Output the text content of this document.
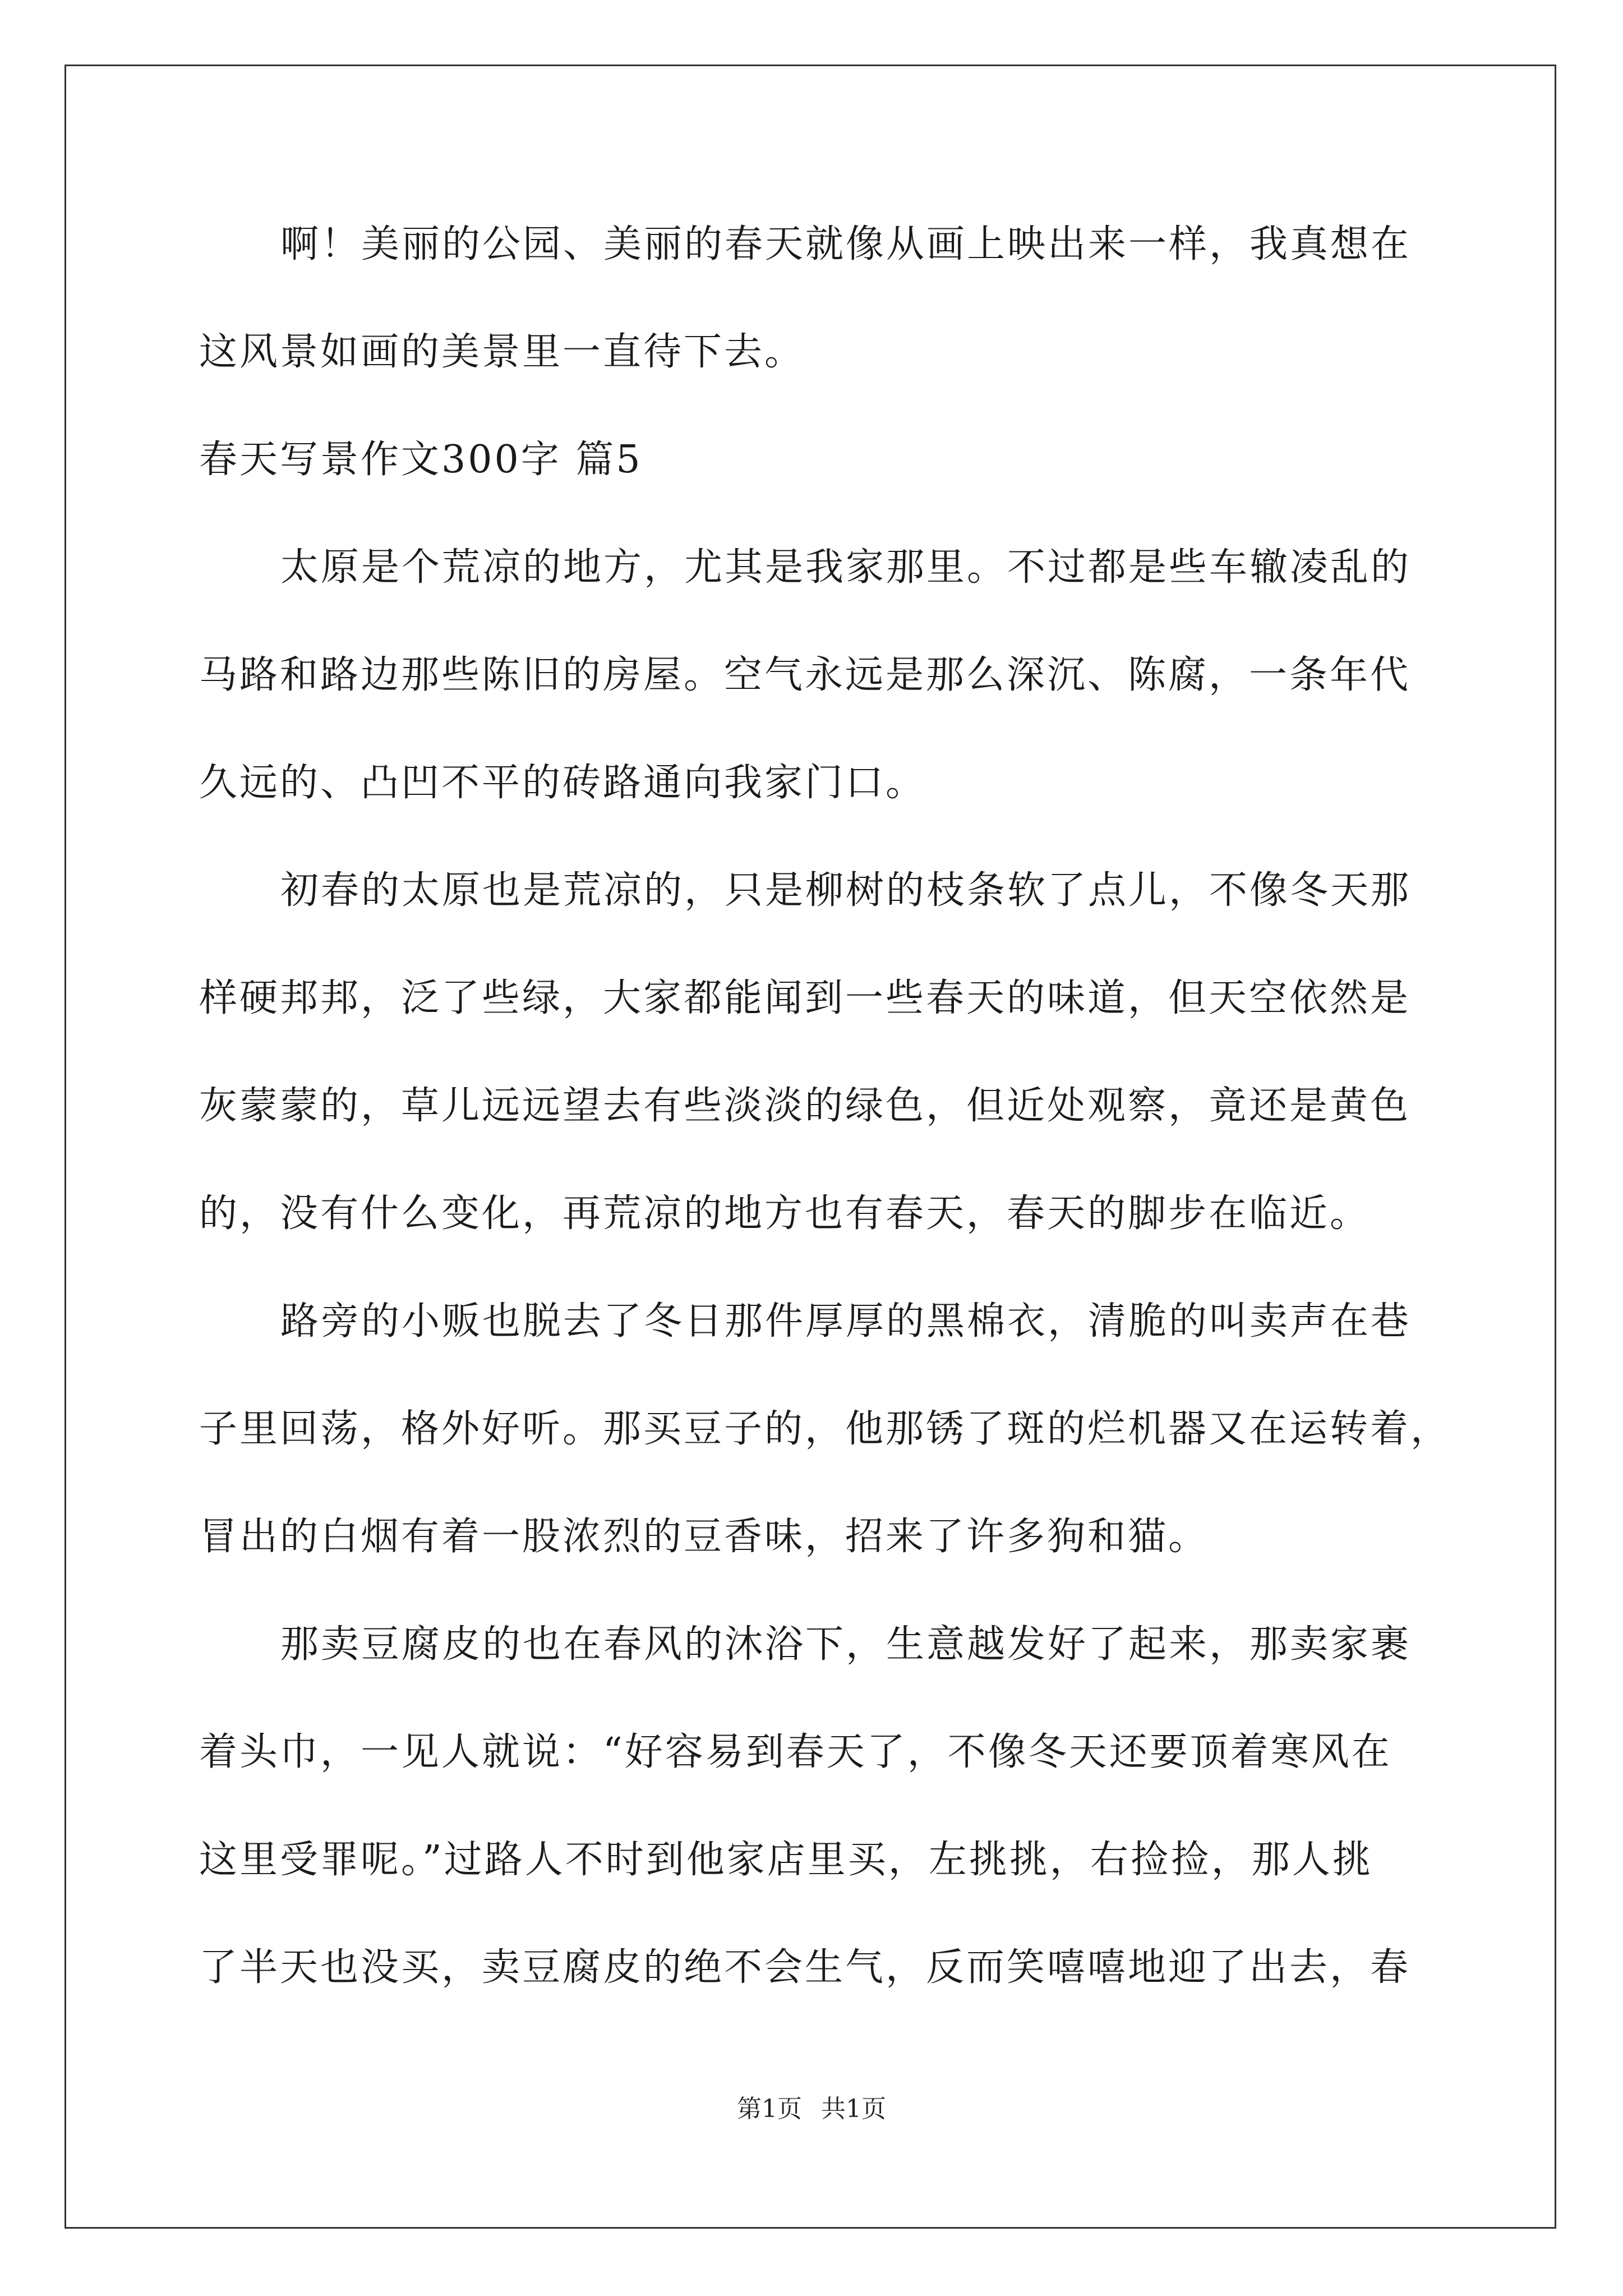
啊！美丽的公园、美丽的春天就像从画上映出来一样，我真想在
这风景如画的美景里一直待下去。
春天写景作文300字 篇5
太原是个荒凉的地方，尤其是我家那里。不过都是些车辙凌乱的
马路和路边那些陈旧的房屋。空气永远是那么深沉、陈腐，一条年代
久远的、凸凹不平的砖路通向我家门口。
初春的太原也是荒凉的，只是柳树的枝条软了点儿，不像冬天那
样硬邦邦，泛了些绿，大家都能闻到一些春天的味道，但天空依然是
灰蒙蒙的，草儿远远望去有些淡淡的绿色，但近处观察，竟还是黄色
的，没有什么变化，再荒凉的地方也有春天，春天的脚步在临近。
路旁的小贩也脱去了冬日那件厚厚的黑棉衣，清脆的叫卖声在巷
子里回荡，格外好听。那买豆子的，他那锈了斑的烂机器又在运转着，
冒出的白烟有着一股浓烈的豆香味，招来了许多狗和猫。
那卖豆腐皮的也在春风的沐浴下，生意越发好了起来，那卖家裹
着头巾，一见人就说：“好容易到春天了，不像冬天还要顶着寒风在
这里受罪呢。”过路人不时到他家店里买，左挑挑，右捡捡，那人挑
了半天也没买，卖豆腐皮的绝不会生气，反而笑嘻嘻地迎了出去，春
第1页 共1页
